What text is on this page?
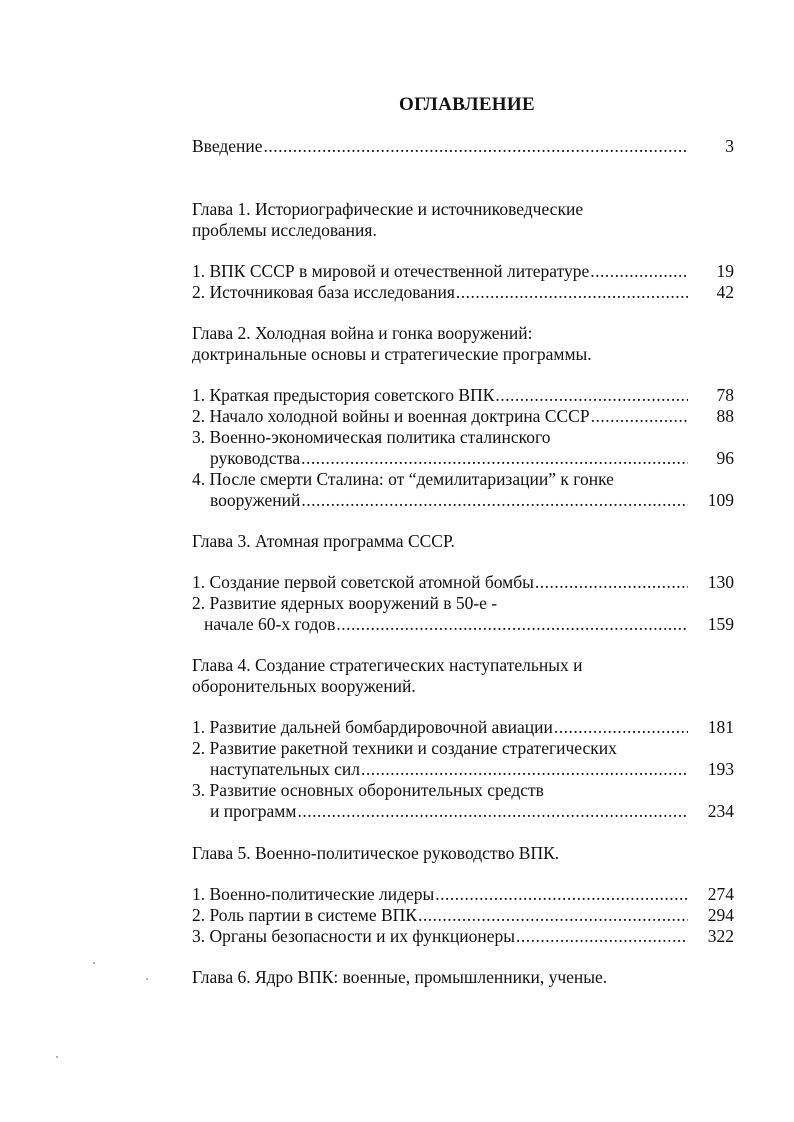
ОГЛАВЛЕНИЕ
Введение .....	3
Глава 1. Историографические и источниковедческие
проблемы исследования.
1. ВПК СССР в мировой и отечественной литературе .....	19
2. Источниковая база исследования .....	42
Глава 2. Холодная война и гонка вооружений:
доктринальные основы и стратегические программы.
1. Краткая предыстория советского ВПК .....	78
2. Начало холодной войны и военная доктрина СССР .....	88
3. Военно-экономическая политика сталинского
руководства .....	96
4. После смерти Сталина: от “демилитаризации” к гонке
вооружений .....	109
Глава 3. Атомная программа СССР.
1. Создание первой советской атомной бомбы .....	130
2. Развитие ядерных вооружений в 50-е -
начале 60-х годов .....	159
Глава 4. Создание стратегических наступательных и
оборонительных вооружений.
1. Развитие дальней бомбардировочной авиации .....	181
2. Развитие ракетной техники и создание стратегических
наступательных сил .....	193
3. Развитие основных оборонительных средств
и программ .....	234
Глава 5. Военно-политическое руководство ВПК.
1. Военно-политические лидеры .....	274
2. Роль партии в системе ВПК .....	294
3. Органы безопасности и их функционеры .....	322
Глава 6. Ядро ВПК: военные, промышленники, ученые.
